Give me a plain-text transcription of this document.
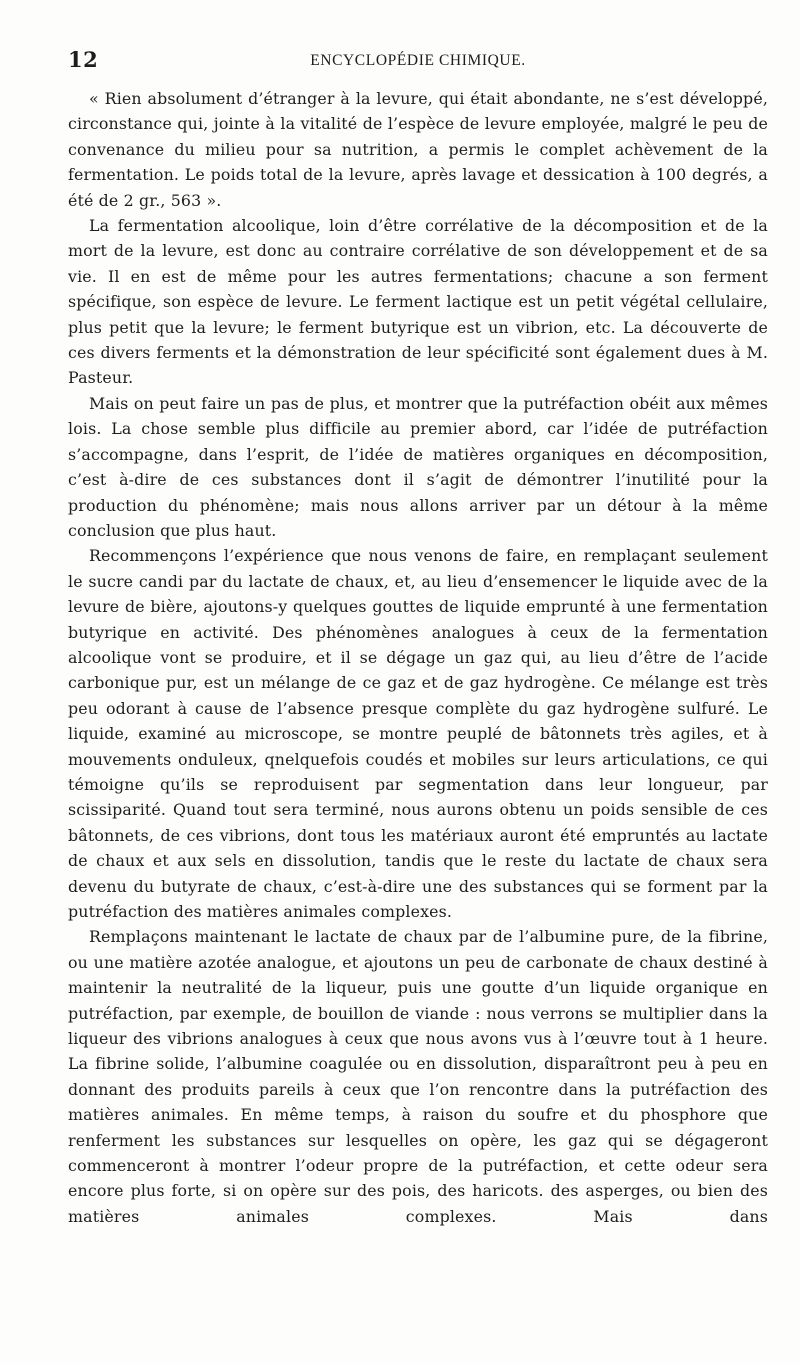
12	ENCYCLOPÉDIE CHIMIQUE.

« Rien absolument d’étranger à la levure, qui était abondante, ne s’est développé, circonstance qui, jointe à la vitalité de l’espèce de levure employée, malgré le peu de convenance du milieu pour sa nutrition, a permis le complet achèvement de la fermentation. Le poids total de la levure, après lavage et dessication à 100 degrés, a été de 2 gr., 563 ».

La fermentation alcoolique, loin d’être corrélative de la décomposition et de la mort de la levure, est donc au contraire corrélative de son développement et de sa vie. Il en est de même pour les autres fermentations; chacune a son ferment spécifique, son espèce de levure. Le ferment lactique est un petit végétal cellulaire, plus petit que la levure; le ferment butyrique est un vibrion, etc. La découverte de ces divers ferments et la démonstration de leur spécificité sont également dues à M. Pasteur.

Mais on peut faire un pas de plus, et montrer que la putréfaction obéit aux mêmes lois. La chose semble plus difficile au premier abord, car l’idée de putréfaction s’accompagne, dans l’esprit, de l’idée de matières organiques en décomposition, c’est à-dire de ces substances dont il s’agit de démontrer l’inutilité pour la production du phénomène; mais nous allons arriver par un détour à la même conclusion que plus haut.

Recommençons l’expérience que nous venons de faire, en remplaçant seulement le sucre candi par du lactate de chaux, et, au lieu d’ensemencer le liquide avec de la levure de bière, ajoutons-y quelques gouttes de liquide emprunté à une fermentation butyrique en activité. Des phénomènes analogues à ceux de la fermentation alcoolique vont se produire, et il se dégage un gaz qui, au lieu d’être de l’acide carbonique pur, est un mélange de ce gaz et de gaz hydrogène. Ce mélange est très peu odorant à cause de l’absence presque complète du gaz hydrogène sulfuré. Le liquide, examiné au microscope, se montre peuplé de bâtonnets très agiles, et à mouvements onduleux, qnelquefois coudés et mobiles sur leurs articulations, ce qui témoigne qu’ils se reproduisent par segmentation dans leur longueur, par scissiparité. Quand tout sera terminé, nous aurons obtenu un poids sensible de ces bâtonnets, de ces vibrions, dont tous les matériaux auront été empruntés au lactate de chaux et aux sels en dissolution, tandis que le reste du lactate de chaux sera devenu du butyrate de chaux, c’est-à-dire une des substances qui se forment par la putréfaction des matières animales complexes.

Remplaçons maintenant le lactate de chaux par de l’albumine pure, de la fibrine, ou une matière azotée analogue, et ajoutons un peu de carbonate de chaux destiné à maintenir la neutralité de la liqueur, puis une goutte d’un liquide organique en putréfaction, par exemple, de bouillon de viande : nous verrons se multiplier dans la liqueur des vibrions analogues à ceux que nous avons vus à l’œuvre tout à 1 heure. La fibrine solide, l’albumine coagulée ou en dissolution, disparaîtront peu à peu en donnant des produits pareils à ceux que l’on rencontre dans la putréfaction des matières animales. En même temps, à raison du soufre et du phosphore que renferment les substances sur lesquelles on opère, les gaz qui se dégageront commenceront à montrer l’odeur propre de la putréfaction, et cette odeur sera encore plus forte, si on opère sur des pois, des haricots. des asperges, ou bien des matières animales complexes. Mais dans
